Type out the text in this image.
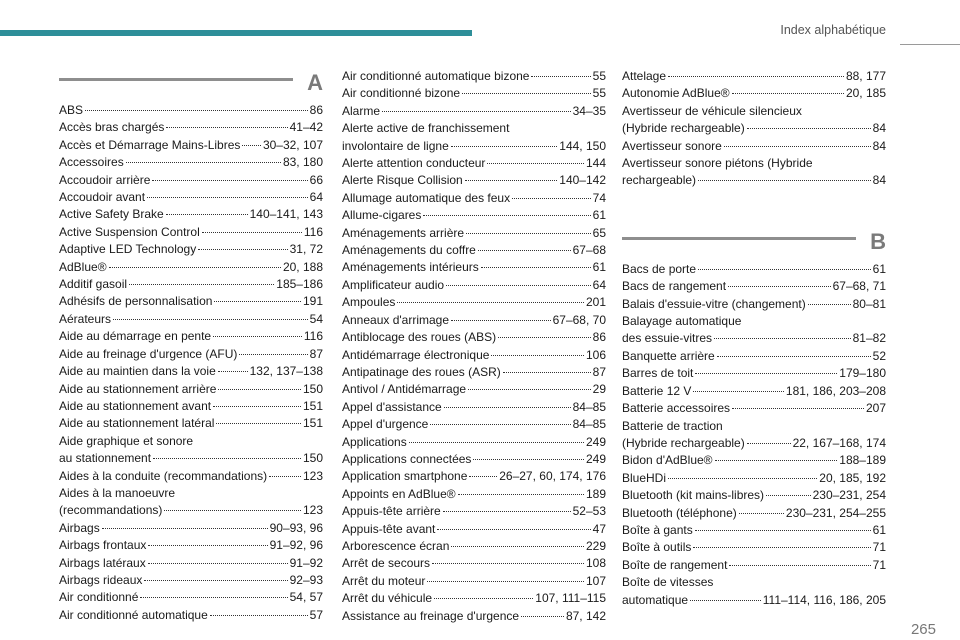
Index alphabétique
A
ABS	86
Accès bras chargés	41–42
Accès et Démarrage Mains-Libres 30–32, 107
Accessoires	83, 180
Accoudoir arrière	66
Accoudoir avant	64
Active Safety Brake	140–141, 143
Active Suspension Control	116
Adaptive LED Technology	31, 72
AdBlue®	20, 188
Additif gasoil	185–186
Adhésifs de personnalisation	191
Aérateurs	54
Aide au démarrage en pente	116
Aide au freinage d'urgence (AFU)	87
Aide au maintien dans la voie	132, 137–138
Aide au stationnement arrière	150
Aide au stationnement avant	151
Aide au stationnement latéral	151
Aide graphique et sonore
au stationnement	150
Aides à la conduite (recommandations)	123
Aides à la manoeuvre
(recommandations)	123
Airbags	90–93, 96
Airbags frontaux	91–92, 96
Airbags latéraux	91–92
Airbags rideaux	92–93
Air conditionné	54, 57
Air conditionné automatique	57
Air conditionné automatique bizone	55
Air conditionné bizone	55
Alarme	34–35
Alerte active de franchissement
involontaire de ligne	144, 150
Alerte attention conducteur	144
Alerte Risque Collision	140–142
Allumage automatique des feux	74
Allume-cigares	61
Aménagements arrière	65
Aménagements du coffre	67–68
Aménagements intérieurs	61
Amplificateur audio	64
Ampoules	201
Anneaux d'arrimage	67–68, 70
Antiblocage des roues (ABS)	86
Antidémarrage électronique	106
Antipatinage des roues (ASR)	87
Antivol / Antidémarrage	29
Appel d'assistance	84–85
Appel d'urgence	84–85
Applications	249
Applications connectées	249
Application smartphone	26–27, 60, 174, 176
Appoints en AdBlue®	189
Appuis-tête arrière	52–53
Appuis-tête avant	47
Arborescence écran	229
Arrêt de secours	108
Arrêt du moteur	107
Arrêt du véhicule	107, 111–115
Assistance au freinage d'urgence	87, 142
Attelage	88, 177
Autonomie AdBlue®	20, 185
Avertisseur de véhicule silencieux
(Hybride rechargeable)	84
Avertisseur sonore	84
Avertisseur sonore piétons (Hybride
rechargeable)	84
B
Bacs de porte	61
Bacs de rangement	67–68, 71
Balais d'essuie-vitre (changement)	80–81
Balayage automatique
des essuie-vitres	81–82
Banquette arrière	52
Barres de toit	179–180
Batterie 12 V	181, 186, 203–208
Batterie accessoires	207
Batterie de traction
(Hybride rechargeable)	22, 167–168, 174
Bidon d'AdBlue®	188–189
BlueHDi	20, 185, 192
Bluetooth (kit mains-libres)	230–231, 254
Bluetooth (téléphone)	230–231, 254–255
Boîte à gants	61
Boîte à outils	71
Boîte de rangement	71
Boîte de vitesses
automatique	111–114, 116, 186, 205
265
